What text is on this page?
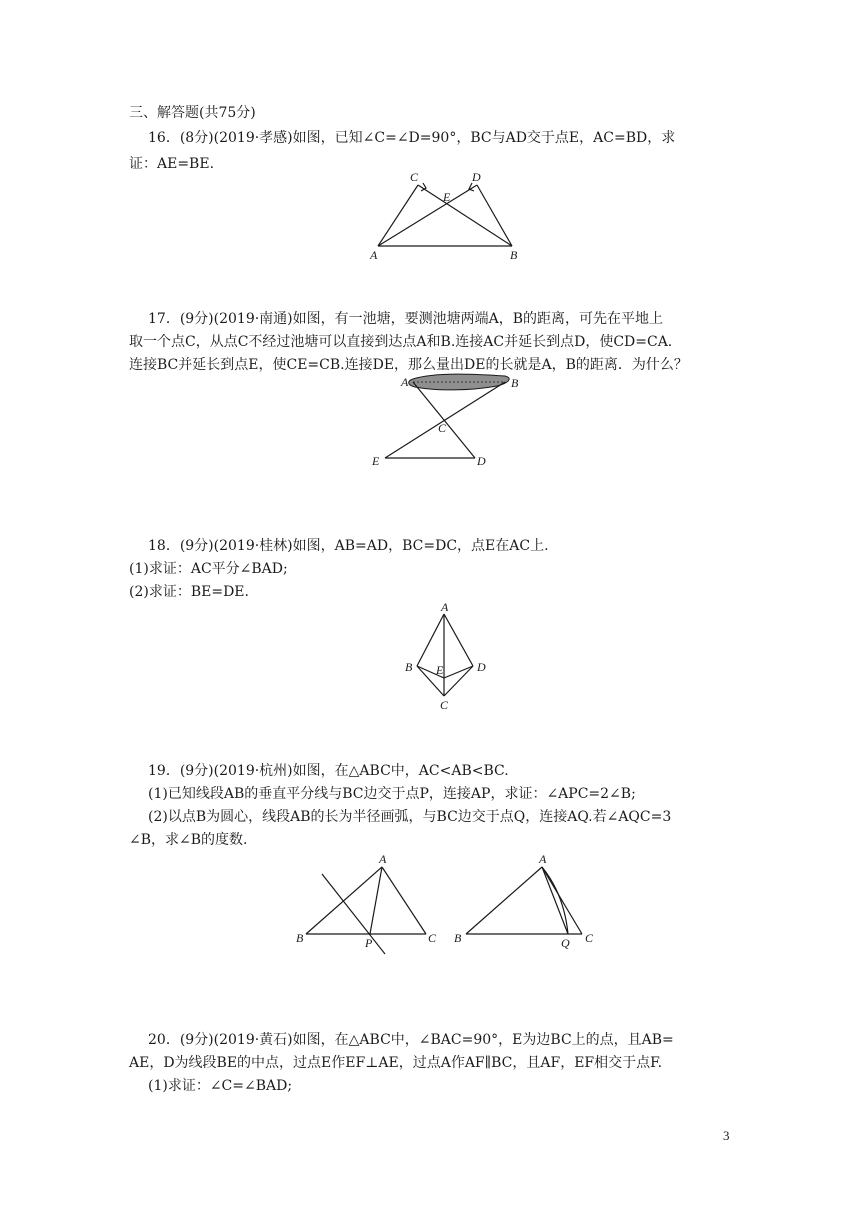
三、解答题(共75分)
16．(8分)(2019·孝感)如图，已知∠C=∠D=90°，BC与AD交于点E，AC=BD，求
证：AE=BE.
C	D
E
A	B
17．(9分)(2019·南通)如图，有一池塘，要测池塘两端A，B的距离，可先在平地上
取一个点C，从点C不经过池塘可以直接到达点A和B.连接AC并延长到点D，使CD=CA.
连接BC并延长到点E，使CE=CB.连接DE，那么量出DE的长就是A，B的距离．为什么？
A	B
C
E	D
18．(9分)(2019·桂林)如图，AB=AD，BC=DC，点E在AC上.
(1)求证：AC平分∠BAD;
(2)求证：BE=DE.
A
B E	D
C
19．(9分)(2019·杭州)如图，在△ABC中，AC<AB<BC.
(1)已知线段AB的垂直平分线与BC边交于点P，连接AP，求证：∠APC=2∠B;
(2)以点B为圆心，线段AB的长为半径画弧，与BC边交于点Q，连接AQ.若∠AQC=3
∠B，求∠B的度数.
A
B	P	C
A
B	Q C
20．(9分)(2019·黄石)如图，在△ABC中，∠BAC=90°，E为边BC上的点，且AB=
AE，D为线段BE的中点，过点E作EF⊥AE，过点A作AF∥BC，且AF，EF相交于点F.
(1)求证：∠C=∠BAD;
3
